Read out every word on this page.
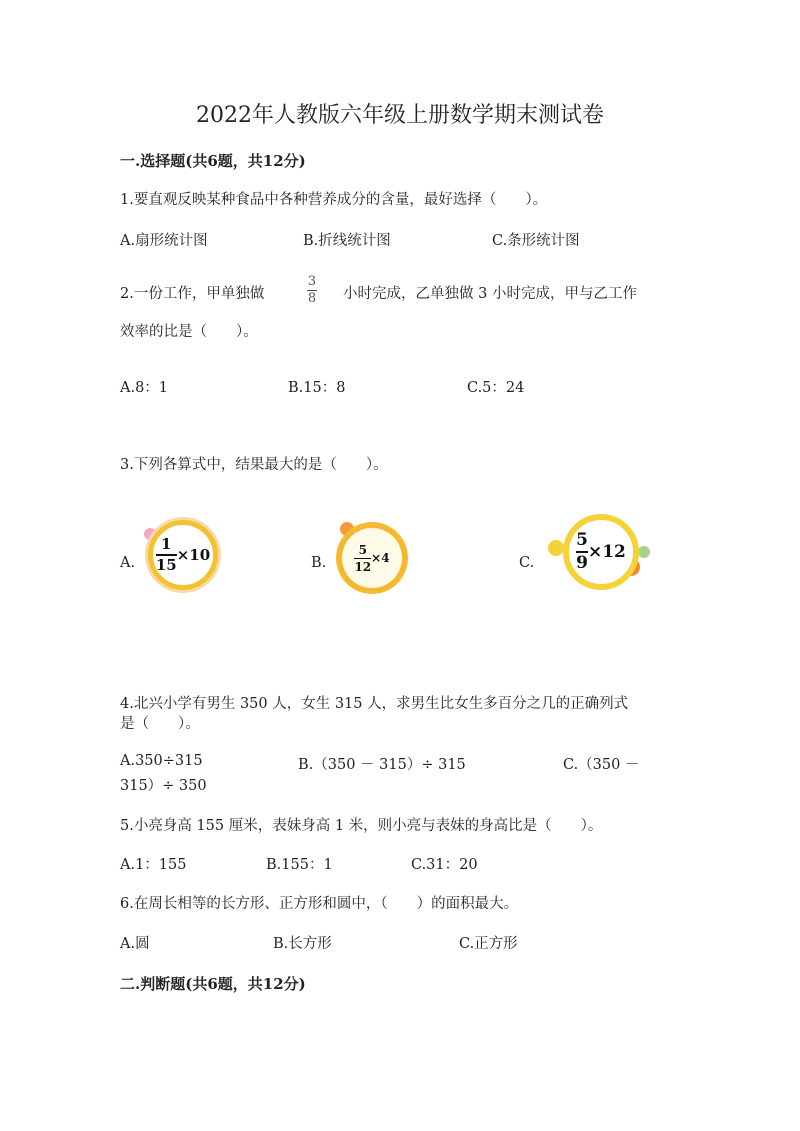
2022年人教版六年级上册数学期末测试卷
一.选择题(共6题，共12分)
1.要直观反映某种食品中各种营养成分的含量，最好选择（　　）。
A.扇形统计图	B.折线统计图	C.条形统计图
2.一份工作，甲单独做
3
8 小时完成，乙单独做 3 小时完成，甲与乙工作
效率的比是（　　）。
A.8：1	B.15：8	C.5：24
3.下列各算式中，结果最大的是（　　）。
A.
1
15
×10	B.
5
12
×4	C.
5
9
×12
4.北兴小学有男生 350 人，女生 315 人，求男生比女生多百分之几的正确列式
是（　　）。
A.350÷315	B.（350 － 315）÷ 315	C.（350 －
315）÷ 350
5.小亮身高 155 厘米，表妹身高 1 米，则小亮与表妹的身高比是（　　）。
A.1：155	B.155：1	C.31：20
6.在周长相等的长方形、正方形和圆中，（　　）的面积最大。
A.圆	B.长方形	C.正方形
二.判断题(共6题，共12分)
